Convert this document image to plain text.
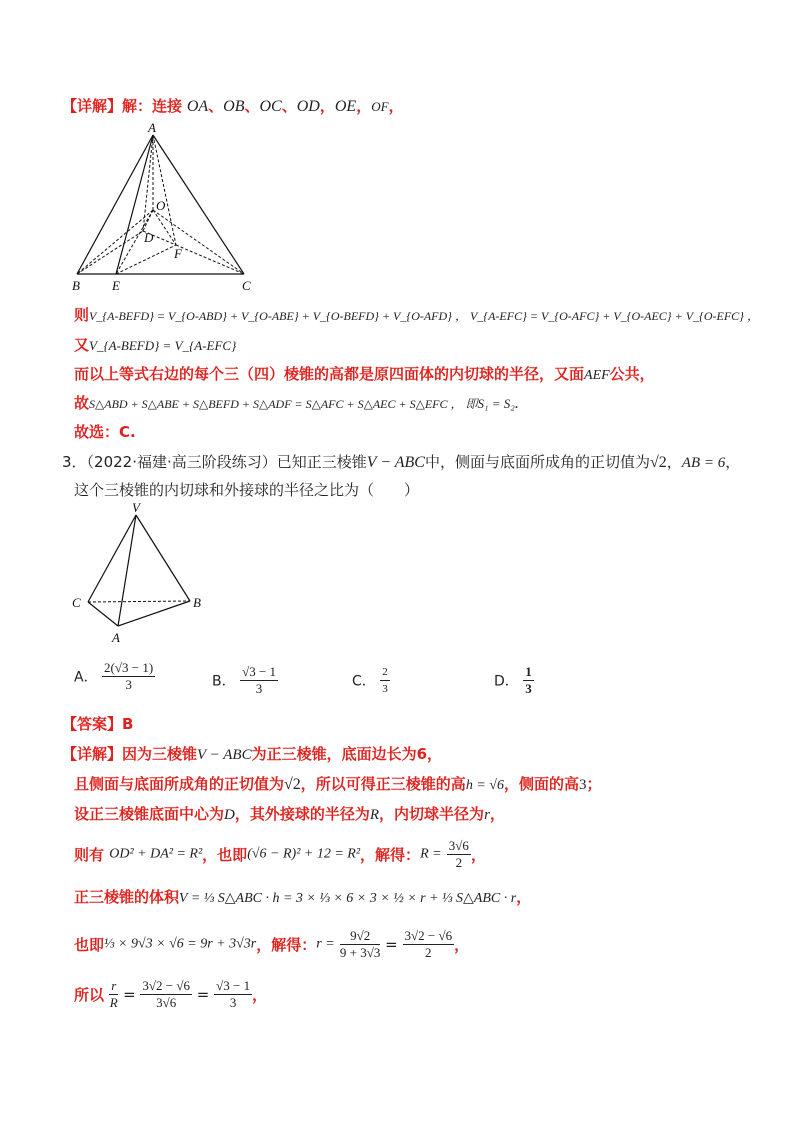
【详解】解：连接 OA、OB、OC、OD，OE，OF，
A
O
D
F
B E	C
则V_{A-BEFD} = V_{O-ABD} + V_{O-ABE} + V_{O-BEFD} + V_{O-AFD} ， V_{A-EFC} = V_{O-AFC} + V_{O-AEC} + V_{O-EFC} ，
又V_{A-BEFD} = V_{A-EFC}
而以上等式右边的每个三（四）棱锥的高都是原四面体的内切球的半径，又面AEF公共，
故S△ABD + S△ABE + S△BEFD + S△ADF = S△AFC + S△AEC + S△EFC ， 即S₁ = S₂.
故选：C.
3．（2022·福建·高三阶段练习）已知正三棱锥V − ABC中，侧面与底面所成角的正切值为√2，AB = 6，
这个三棱锥的内切球和外接球的半径之比为（　　）
V
C	B
A
A． $\frac{2(√3 - 1)}{3}$	B． $\frac{√3 - 1}{3}$	C． $\frac{2}{3}$	D． $\frac{1}{3}$
【答案】B
【详解】因为三棱锥V − ABC为正三棱锥，底面边长为6，
且侧面与底面所成角的正切值为√2，所以可得正三棱锥的高h = √6，侧面的高3；
设正三棱锥底面中心为D，其外接球的半径为R，内切球半径为r，
则有 OD² + DA² = R²，也即(√6 − R)² + 12 = R²，解得：$R = \frac{3√6}{2}$ ，
正三棱锥的体积V = ⅓ S△ABC · h = 3 × ⅓ × 6 × 3 × ½ × r + ⅓ S△ABC · r，
也即⅓ × 9√3 × √6 = 9r + 3√3r，解得：$r = \frac{9√2}{9 + 3√3} = \frac{3√2 - √6}{2}$ ，
所以 $\frac{r}{R} = \frac{3√2 - √6}{3√6} = \frac{√3 - 1}{3}$ ，
